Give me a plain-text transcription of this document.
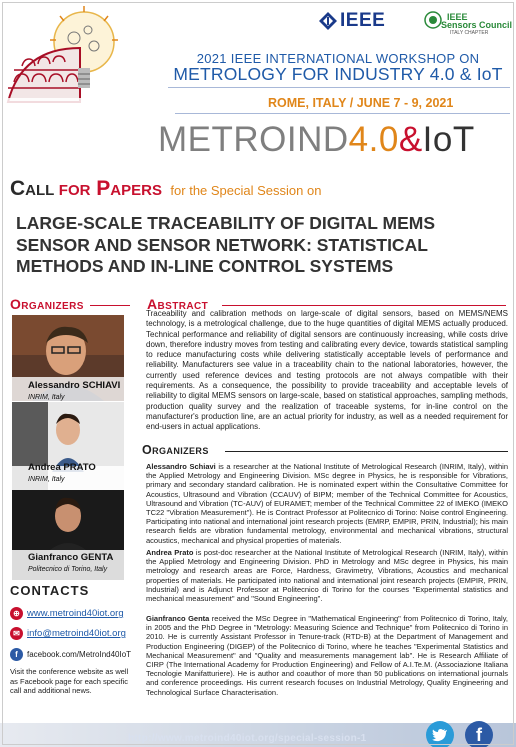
IEEE	IEEE
Sensors Council
ITALY CHAPTER
2021 IEEE INTERNATIONAL WORKSHOP ON
METROLOGY FOR INDUSTRY 4.0 & IoT
ROME, ITALY / JUNE 7 - 9, 2021
METROIND4.0&IoT
Call for Papers for the Special Session on
LARGE-SCALE TRACEABILITY OF DIGITAL MEMS SENSOR AND SENSOR NETWORK: STATISTICAL METHODS AND IN-LINE CONTROL SYSTEMS
Organizers
Alessandro SCHIAVI
INRIM, Italy
Andrea PRATO
INRIM, Italy
Gianfranco GENTA
Politecnico di Torino, Italy
CONTACTS
⊕ www.metroind40iot.org
✉ info@metroind40iot.org
f	facebook.com/MetroInd40IoT
Visit the conference website as well as Facebook page for each specific call and additional news.
Abstract
Traceability and calibration methods on large-scale of digital sensors, based on MEMS/NEMS technology, is a metrological challenge, due to the huge quantities of digital MEMS actually produced. Technical performance and reliability of digital sensors are continuously increasing, while costs drive down, therefore industry moves from testing and calibrating every device, towards statistical sampling to reduce manufacturing costs while delivering statistically acceptable levels of performance and reliability. Manufacturers see value in a traceability chain to the national laboratories, however, the currently used reference devices and testing protocols are not always compatible with their requirements. As a consequence, the possibility to provide traceability and acceptable levels of reliability to digital MEMS sensors on large-scale, based on statistical approaches, sampling methods, production quality survey and the realization of traceable systems, for in-line control on the manufacturer's production line, are an actual priority for industry, as well as a needed requirement for end-users in actual applications.
Organizers
Alessandro Schiavi is a researcher at the National Institute of Metrological Research (INRIM, Italy), within the Applied Metrology and Engineering Division. MSc degree in Physics, he is responsible for Vibrations, primary and secondary standard calibration. He is nominated expert within the Consultative Committee for Acoustics, Ultrasound and Vibration (CCAUV) of BIPM; member of the Technical Committee for Acoustics, Ultrasound and Vibration (TC-AUV) of EURAMET; member of the Technical Committee 22 of IMEKO (IMEKO TC22 "Vibration Measurement"). He is Contract Professor at Politecnico di Torino: Noise control Engineering. Participating into national and international joint research projects (EMRP, EMPIR, PRIN, Industrial); his main research fields are vibration fundamental metrology, environmental and mechanical vibrations, structural acoustics, mechanical and physical properties of materials.
Andrea Prato is post-doc researcher at the National Institute of Metrological Research (INRIM, Italy), within the Applied Metrology and Engineering Division. PhD in Metrology and MSc degree in Physics, his main metrology and research areas are Force, Hardness, Gravimetry, Vibrations, Acoustics and mechanical properties of materials. He participated into national and international joint research projects (EMPIR, PRIN, Industrial) and is Adjunct Professor at Politecnico di Torino for the courses "Experimental statistics and mechanical measurement" and "Sound Engineering".
Gianfranco Genta received the MSc Degree in "Mathematical Engineering" from Politecnico di Torino, Italy, in 2005 and the PhD Degree in "Metrology: Measuring Science and Technique" from Politecnico di Torino in 2010. He is currently Assistant Professor in Tenure-track (RTD-B) at the Department of Management and Production Engineering (DIGEP) of the Politecnico di Torino, where he teaches "Experimental Statistics and Mechanical Measurement" and "Quality and measurements management lab". He is Research Affiliate of CIRP (The International Academy for Production Engineering) and Fellow of A.I.Te.M. (Associazione Italiana Tecnologie Manifatturiere). He is author and coauthor of more than 50 publications on international journals and conference proceedings. His current research focuses on Industrial Metrology, Quality Engineering and Technological Surface Characterisation.
http://www.metroind40iot.org/special-session-1	f
